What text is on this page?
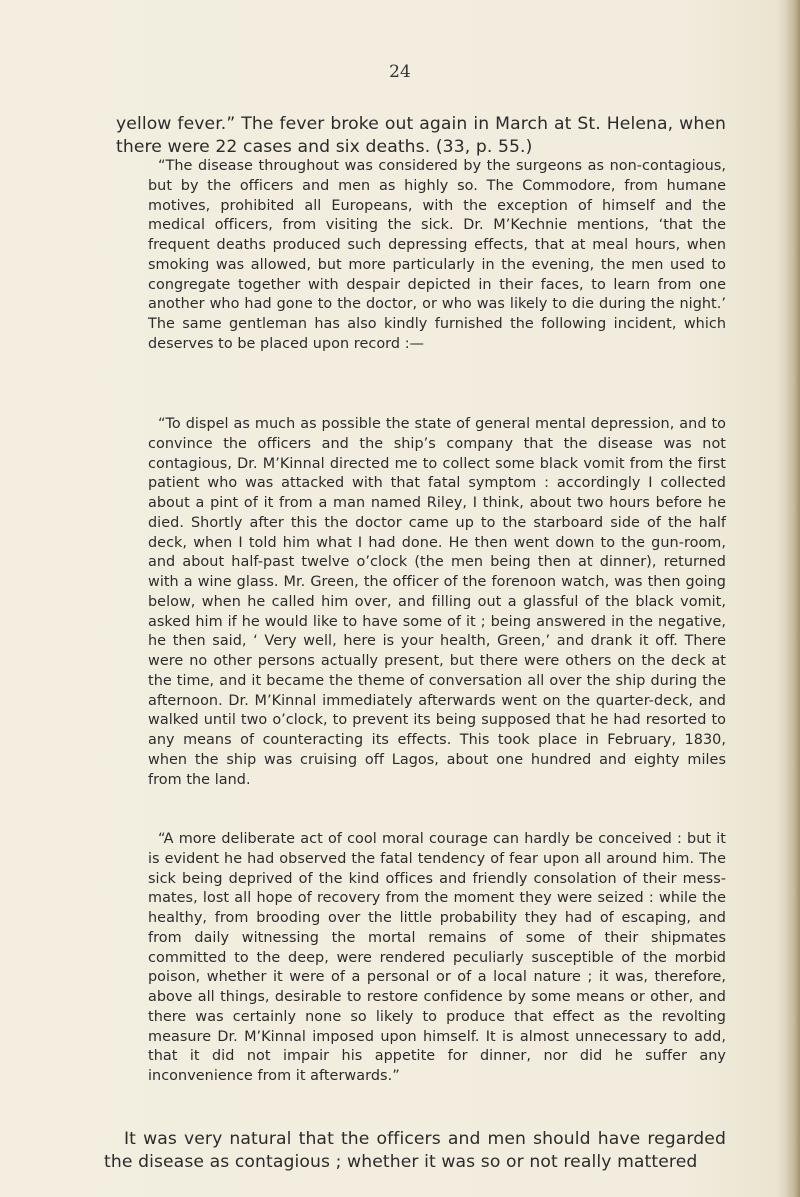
24

yellow fever.” The fever broke out again in March at St. Helena, when there were 22 cases and six deaths. (33, p. 55.)

“The disease throughout was considered by the surgeons as non-contagious, but by the officers and men as highly so. The Commodore, from humane motives, prohibited all Europeans, with the exception of himself and the medical officers, from visiting the sick. Dr. M’Kechnie mentions, ‘that the frequent deaths produced such depressing effects, that at meal hours, when smoking was allowed, but more particularly in the evening, the men used to congregate together with despair depicted in their faces, to learn from one another who had gone to the doctor, or who was likely to die during the night.’ The same gentleman has also kindly furnished the following incident, which deserves to be placed upon record :—

“To dispel as much as possible the state of general mental depression, and to convince the officers and the ship’s company that the disease was not contagious, Dr. M’Kinnal directed me to collect some black vomit from the first patient who was attacked with that fatal symptom : accordingly I collected about a pint of it from a man named Riley, I think, about two hours before he died. Shortly after this the doctor came up to the starboard side of the half deck, when I told him what I had done. He then went down to the gun-room, and about half-past twelve o’clock (the men being then at dinner), returned with a wine glass. Mr. Green, the officer of the forenoon watch, was then going below, when he called him over, and filling out a glassful of the black vomit, asked him if he would like to have some of it ; being answered in the negative, he then said, ‘ Very well, here is your health, Green,’ and drank it off. There were no other persons actually present, but there were others on the deck at the time, and it became the theme of conversation all over the ship during the afternoon. Dr. M’Kinnal immediately afterwards went on the quarter-deck, and walked until two o’clock, to prevent its being supposed that he had resorted to any means of counteracting its effects. This took place in February, 1830, when the ship was cruising off Lagos, about one hundred and eighty miles from the land.

“A more deliberate act of cool moral courage can hardly be conceived : but it is evident he had observed the fatal tendency of fear upon all around him. The sick being deprived of the kind offices and friendly consolation of their mess-mates, lost all hope of recovery from the moment they were seized : while the healthy, from brooding over the little probability they had of escaping, and from daily witnessing the mortal remains of some of their shipmates committed to the deep, were rendered peculiarly susceptible of the morbid poison, whether it were of a personal or of a local nature ; it was, therefore, above all things, desirable to restore confidence by some means or other, and there was certainly none so likely to produce that effect as the revolting measure Dr. M’Kinnal imposed upon himself. It is almost unnecessary to add, that it did not impair his appetite for dinner, nor did he suffer any inconvenience from it afterwards.”

It was very natural that the officers and men should have regarded the disease as contagious ; whether it was so or not really mattered
